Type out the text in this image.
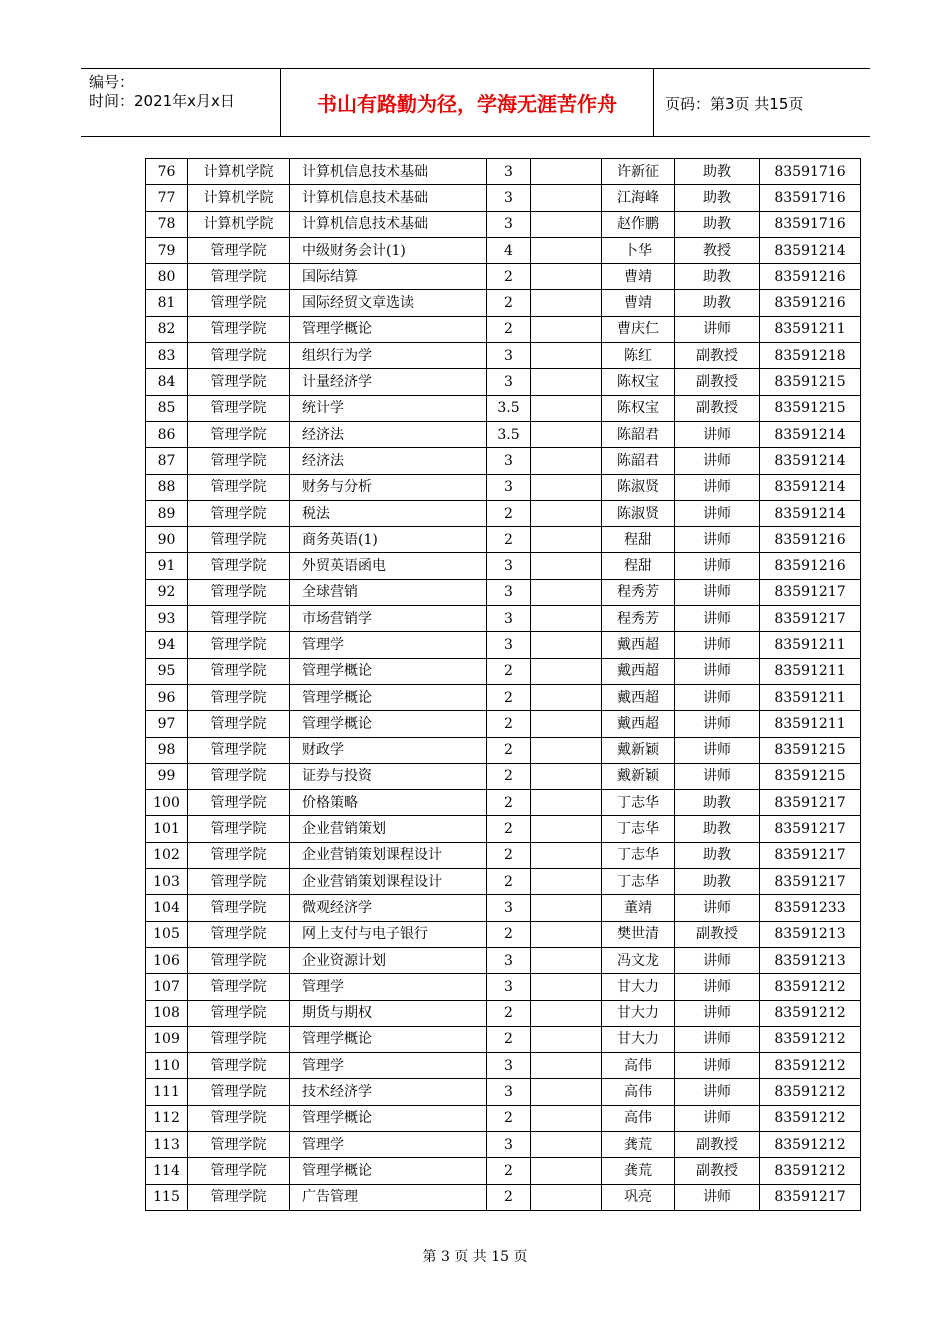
编号：
时间：2021年x月x日	书山有路勤为径，学海无涯苦作舟	页码：第3页 共15页
76	计算机学院	计算机信息技术基础	3		许新征	助教	83591716
77	计算机学院	计算机信息技术基础	3		江海峰	助教	83591716
78	计算机学院	计算机信息技术基础	3		赵作鹏	助教	83591716
79	管理学院	中级财务会计(1)	4		卜华	教授	83591214
80	管理学院	国际结算	2		曹靖	助教	83591216
81	管理学院	国际经贸文章选读	2		曹靖	助教	83591216
82	管理学院	管理学概论	2		曹庆仁	讲师	83591211
83	管理学院	组织行为学	3		陈红	副教授	83591218
84	管理学院	计量经济学	3		陈权宝	副教授	83591215
85	管理学院	统计学	3.5		陈权宝	副教授	83591215
86	管理学院	经济法	3.5		陈韶君	讲师	83591214
87	管理学院	经济法	3		陈韶君	讲师	83591214
88	管理学院	财务与分析	3		陈淑贤	讲师	83591214
89	管理学院	税法	2		陈淑贤	讲师	83591214
90	管理学院	商务英语(1)	2		程甜	讲师	83591216
91	管理学院	外贸英语函电	3		程甜	讲师	83591216
92	管理学院	全球营销	3		程秀芳	讲师	83591217
93	管理学院	市场营销学	3		程秀芳	讲师	83591217
94	管理学院	管理学	3		戴西超	讲师	83591211
95	管理学院	管理学概论	2		戴西超	讲师	83591211
96	管理学院	管理学概论	2		戴西超	讲师	83591211
97	管理学院	管理学概论	2		戴西超	讲师	83591211
98	管理学院	财政学	2		戴新颖	讲师	83591215
99	管理学院	证券与投资	2		戴新颖	讲师	83591215
100	管理学院	价格策略	2		丁志华	助教	83591217
101	管理学院	企业营销策划	2		丁志华	助教	83591217
102	管理学院	企业营销策划课程设计	2		丁志华	助教	83591217
103	管理学院	企业营销策划课程设计	2		丁志华	助教	83591217
104	管理学院	微观经济学	3		董靖	讲师	83591233
105	管理学院	网上支付与电子银行	2		樊世清	副教授	83591213
106	管理学院	企业资源计划	3		冯文龙	讲师	83591213
107	管理学院	管理学	3		甘大力	讲师	83591212
108	管理学院	期货与期权	2		甘大力	讲师	83591212
109	管理学院	管理学概论	2		甘大力	讲师	83591212
110	管理学院	管理学	3		高伟	讲师	83591212
111	管理学院	技术经济学	3		高伟	讲师	83591212
112	管理学院	管理学概论	2		高伟	讲师	83591212
113	管理学院	管理学	3		龚荒	副教授	83591212
114	管理学院	管理学概论	2		龚荒	副教授	83591212
115	管理学院	广告管理	2		巩亮	讲师	83591217
第 3 页 共 15 页
